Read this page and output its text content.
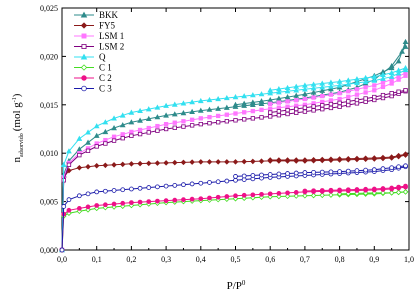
0,000
0,005
0,010
0,015
0,020
0,025
0,0	0,1	0,2	0,3	0,4	0,5	0,6	0,7	0,8	0,9	1,0
BKK
FY5
LSM 1
LSM 2
Q
C 1
C 2
C 3
$P/P^0$
$n_{adsorvido}(mol$ $g^{-1}$)
